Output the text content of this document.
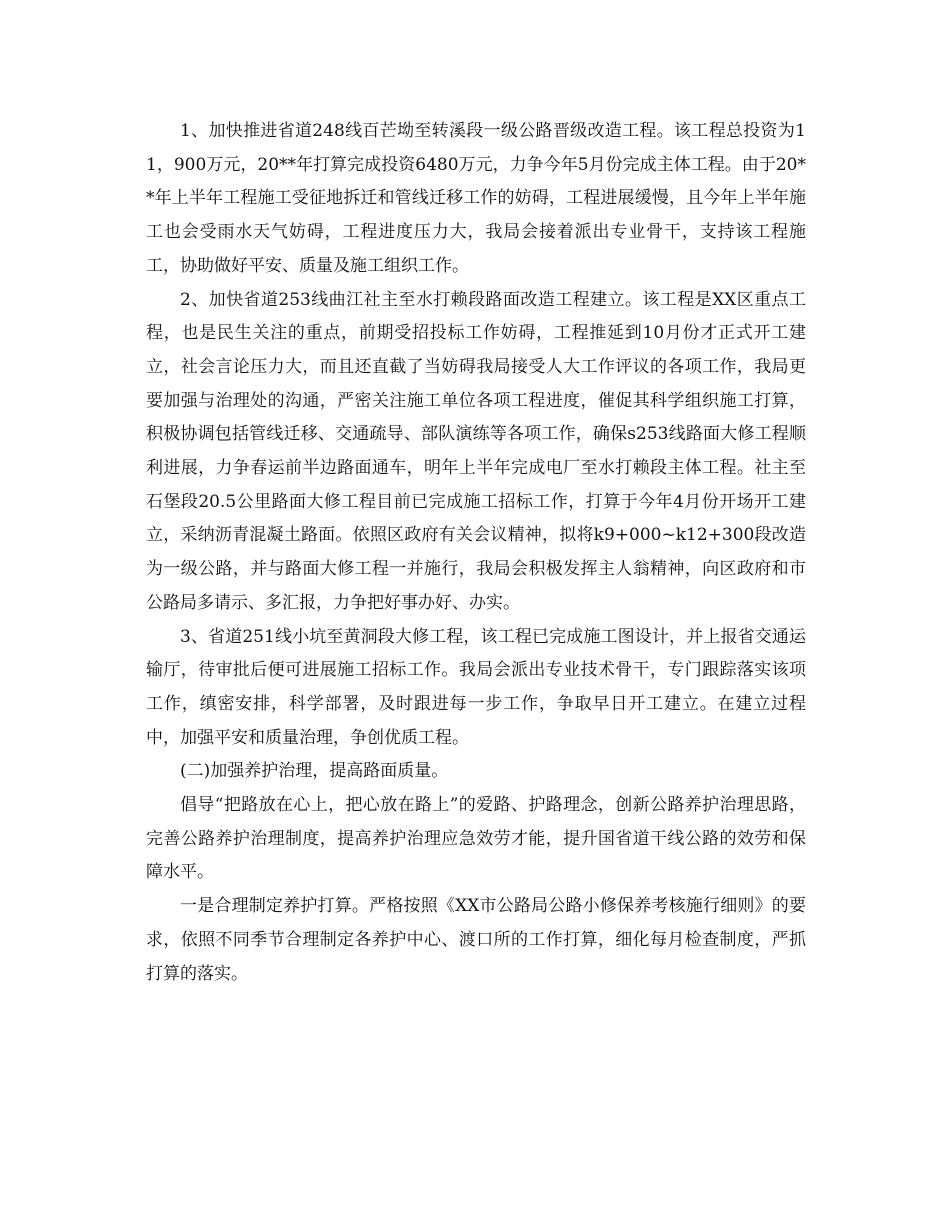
1、加快推进省道248线百芒坳至转溪段一级公路晋级改造工程。该工程总投资为11，900万元，20**年打算完成投资6480万元，力争今年5月份完成主体工程。由于20**年上半年工程施工受征地拆迁和管线迁移工作的妨碍，工程进展缓慢，且今年上半年施工也会受雨水天气妨碍，工程进度压力大，我局会接着派出专业骨干，支持该工程施工，协助做好平安、质量及施工组织工作。

2、加快省道253线曲江社主至水打赖段路面改造工程建立。该工程是XX区重点工程，也是民生关注的重点，前期受招投标工作妨碍，工程推延到10月份才正式开工建立，社会言论压力大，而且还直截了当妨碍我局接受人大工作评议的各项工作，我局更要加强与治理处的沟通，严密关注施工单位各项工程进度，催促其科学组织施工打算，积极协调包括管线迁移、交通疏导、部队演练等各项工作，确保s253线路面大修工程顺利进展，力争春运前半边路面通车，明年上半年完成电厂至水打赖段主体工程。社主至石堡段20.5公里路面大修工程目前已完成施工招标工作，打算于今年4月份开场开工建立，采纳沥青混凝土路面。依照区政府有关会议精神，拟将k9+000~k12+300段改造为一级公路，并与路面大修工程一并施行，我局会积极发挥主人翁精神，向区政府和市公路局多请示、多汇报，力争把好事办好、办实。

3、省道251线小坑至黄洞段大修工程，该工程已完成施工图设计，并上报省交通运输厅，待审批后便可进展施工招标工作。我局会派出专业技术骨干，专门跟踪落实该项工作，缜密安排，科学部署，及时跟进每一步工作，争取早日开工建立。在建立过程中，加强平安和质量治理，争创优质工程。

(二)加强养护治理，提高路面质量。

倡导“把路放在心上，把心放在路上”的爱路、护路理念，创新公路养护治理思路，完善公路养护治理制度，提高养护治理应急效劳才能，提升国省道干线公路的效劳和保障水平。

一是合理制定养护打算。严格按照《XX市公路局公路小修保养考核施行细则》的要求，依照不同季节合理制定各养护中心、渡口所的工作打算，细化每月检查制度，严抓打算的落实。
